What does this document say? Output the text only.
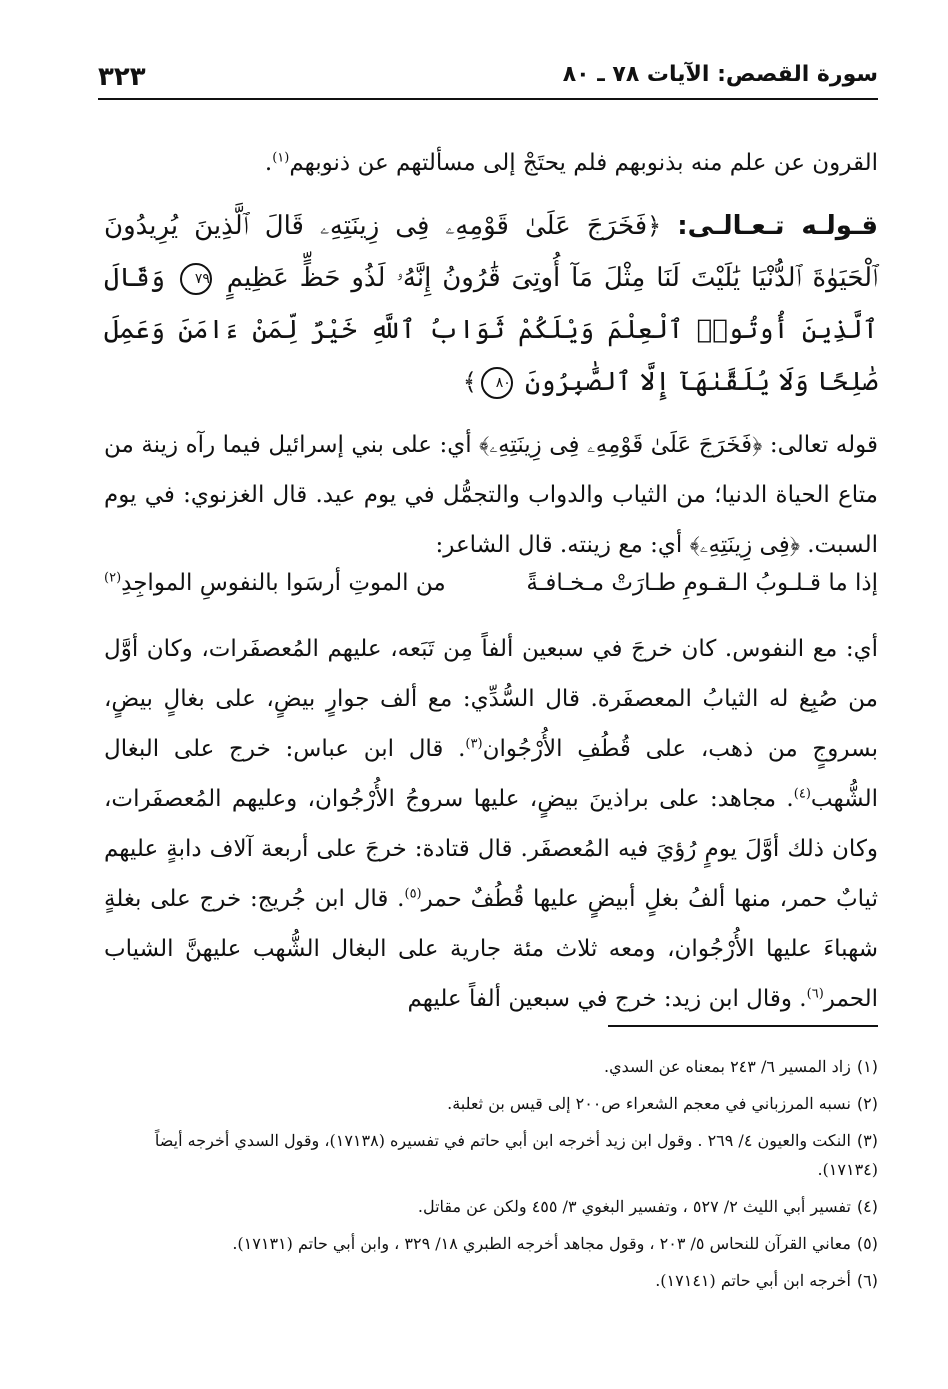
سورة القصص: الآيات ٧٨ ـ ٨٠
٣٢٣

القرون عن علم منه بذنوبهم فلم يحتَجْ إلى مسألتهم عن ذنوبهم$^{(١)}$.

قـولـه تـعـالـى: ﴿فَخَرَجَ عَلَىٰ قَوْمِهِۦ فِى زِينَتِهِۦ قَالَ ٱلَّذِينَ يُرِيدُونَ ٱلْحَيَوٰةَ ٱلدُّنْيَا يَٰلَيْتَ لَنَا مِثْلَ مَآ أُوتِىَ قَٰرُونُ إِنَّهُۥ لَذُو حَظٍّ عَظِيمٍ ٧٩ وَقَالَ ٱلَّذِينَ أُوتُوا۟ ٱلْعِلْمَ وَيْلَكُمْ ثَوَابُ ٱللَّهِ خَيْرٌ لِّمَنْ ءَامَنَ وَعَمِلَ صَٰلِحًا وَلَا يُلَقَّىٰهَآ إِلَّا ٱلصَّٰبِرُونَ ٨٠﴾

قوله تعالى: ﴿فَخَرَجَ عَلَىٰ قَوْمِهِۦ فِى زِينَتِهِۦ﴾ أي: على بني إسرائيل فيما رآه زينة من متاع الحياة الدنيا؛ من الثياب والدواب والتجمُّل في يوم عيد. قال الغزنوي: في يوم السبت. ﴿فِى زِينَتِهِۦ﴾ أي: مع زينته. قال الشاعر:

إذا ما قـلـوبُ الـقـومِ طـارَتْ مـخـافـةً
من الموتِ أرسَوا بالنفوسِ المواجِدِ$^{(٢)}$

أي: مع النفوس. كان خرجَ في سبعين ألفاً مِن تَبَعه، عليهم المُعصفَرات، وكان أوَّل من صُبِغ له الثيابُ المعصفَرة. قال السُّدِّي: مع ألف جوارٍ بيضٍ، على بغالٍ بيضٍ، بسروجٍ من ذهب، على قُطُفِ الأُرْجُوان$^{(٣)}$. قال ابن عباس: خرج على البغال الشُّهب$^{(٤)}$. مجاهد: على براذينَ بيضٍ، عليها سروجُ الأُرْجُوان، وعليهم المُعصفَرات، وكان ذلك أوَّلَ يومٍ رُؤيَ فيه المُعصفَر. قال قتادة: خرجَ على أربعة آلاف دابةٍ عليهم ثيابٌ حمر، منها ألفُ بغلٍ أبيضٍ عليها قُطُفٌ حمر$^{(٥)}$. قال ابن جُريج: خرج على بغلةٍ شهباءَ عليها الأُرْجُوان، ومعه ثلاث مئة جارية على البغال الشُّهب عليهنَّ الشياب الحمر$^{(٦)}$. وقال ابن زيد: خرج في سبعين ألفاً عليهم

(١)زاد المسير ٦/ ٢٤٣ بمعناه عن السدي.
(٢)نسبه المرزباني في معجم الشعراء ص٢٠٠ إلى قيس بن ثعلبة.
(٣)النكت والعيون ٤/ ٢٦٩ . وقول ابن زيد أخرجه ابن أبي حاتم في تفسيره (١٧١٣٨)، وقول السدي أخرجه أيضاً (١٧١٣٤).
(٤)تفسير أبي الليث ٢/ ٥٢٧ ، وتفسير البغوي ٣/ ٤٥٥ ولكن عن مقاتل.
(٥)معاني القرآن للنحاس ٥/ ٢٠٣ ، وقول مجاهد أخرجه الطبري ١٨/ ٣٢٩ ، وابن أبي حاتم (١٧١٣١).
(٦)أخرجه ابن أبي حاتم (١٧١٤١).
